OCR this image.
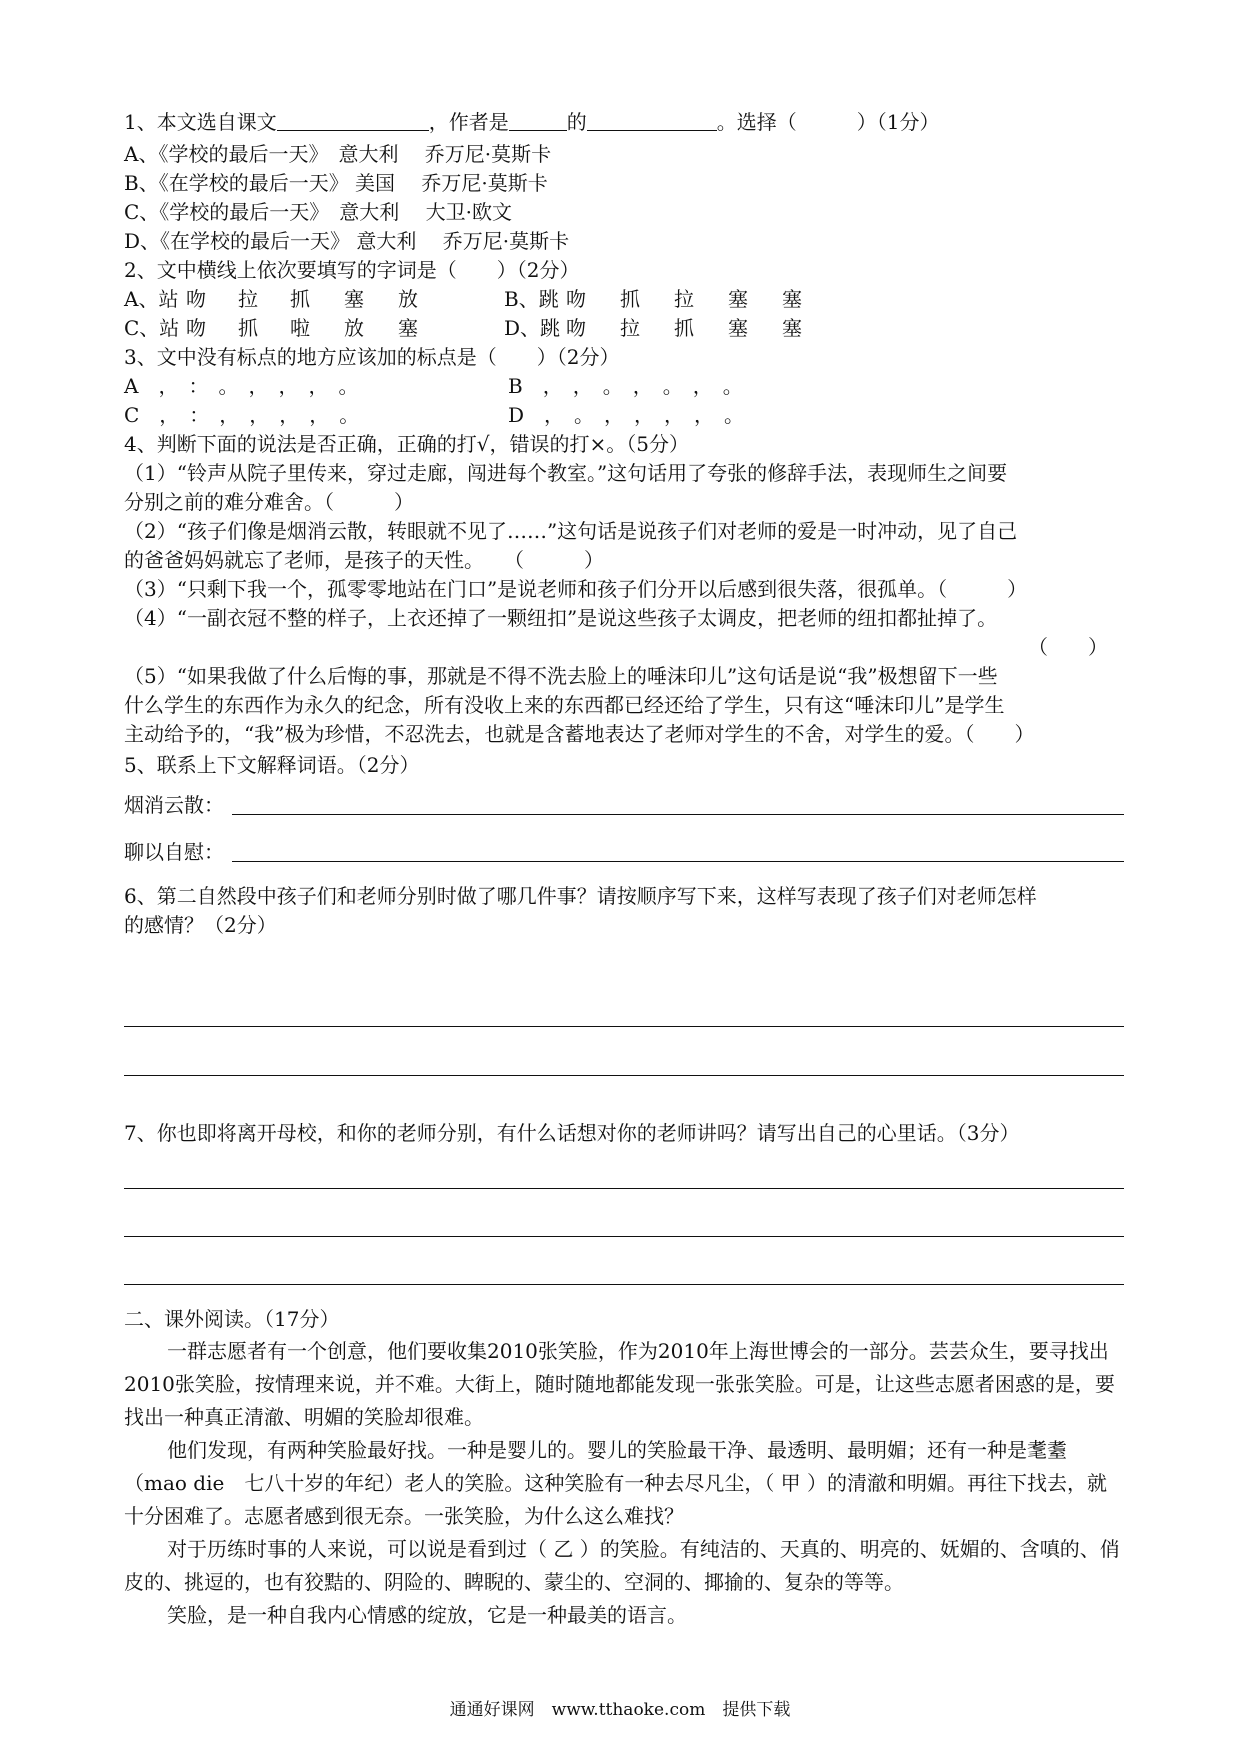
1、本文选自课文	，作者是	的	。选择（　　　）（1分）
A、《学校的最后一天》　意大利　 乔万尼·莫斯卡
B、《在学校的最后一天》 美国　 乔万尼·莫斯卡
C、《学校的最后一天》　意大利　 大卫·欧文
D、《在学校的最后一天》 意大利　 乔万尼·莫斯卡
2、文中横线上依次要填写的字词是（　　）（2分）
A、站 吻 拉 抓 塞 放	B、跳 吻 抓 拉 塞 塞
C、站 吻 抓 啦 放 塞	D、跳 吻 拉 抓 塞 塞
3、文中没有标点的地方应该加的标点是（　　）（2分）
A　，　：　。　，　，　，　。	B　，　，　。　，　。　，　。
C　，　：　，　，　，　，　。	D　，　。　，　，　，　，　。
4、判断下面的说法是否正确，正确的打√，错误的打×。（5分）
（1）“铃声从院子里传来，穿过走廊，闯进每个教室。”这句话用了夸张的修辞手法，表现师生之间要
分别之前的难分难舍。（　　　）
（2）“孩子们像是烟消云散，转眼就不见了……”这句话是说孩子们对老师的爱是一时冲动，见了自己
的爸爸妈妈就忘了老师，是孩子的天性。　　（　　　）
（3）“只剩下我一个，孤零零地站在门口”是说老师和孩子们分开以后感到很失落，很孤单。（　　　）
（4）“一副衣冠不整的样子，上衣还掉了一颗纽扣”是说这些孩子太调皮，把老师的纽扣都扯掉了。
（　　）
（5）“如果我做了什么后悔的事，那就是不得不洗去脸上的唾沫印儿”这句话是说“我”极想留下一些
什么学生的东西作为永久的纪念，所有没收上来的东西都已经还给了学生，只有这“唾沫印儿”是学生
主动给予的，“我”极为珍惜，不忍洗去，也就是含蓄地表达了老师对学生的不舍，对学生的爱。（　　）
5、联系上下文解释词语。（2分）
烟消云散：
聊以自慰：
6、第二自然段中孩子们和老师分别时做了哪几件事？请按顺序写下来，这样写表现了孩子们对老师怎样
的感情？（2分）
7、你也即将离开母校，和你的老师分别，有什么话想对你的老师讲吗？请写出自己的心里话。（3分）
二、课外阅读。（17分）
一群志愿者有一个创意，他们要收集2010张笑脸，作为2010年上海世博会的一部分。芸芸众生，要寻找出2010张笑脸，按情理来说，并不难。大街上，随时随地都能发现一张张笑脸。可是，让这些志愿者困惑的是，要找出一种真正清澈、明媚的笑脸却很难。
他们发现，有两种笑脸最好找。一种是婴儿的。婴儿的笑脸最干净、最透明、最明媚；还有一种是耄耋（mao die　七八十岁的年纪）老人的笑脸。这种笑脸有一种去尽凡尘，（ 甲 ）的清澈和明媚。再往下找去，就十分困难了。志愿者感到很无奈。一张笑脸，为什么这么难找？
对于历练时事的人来说，可以说是看到过（ 乙 ）的笑脸。有纯洁的、天真的、明亮的、妩媚的、含嗔的、俏皮的、挑逗的，也有狡黠的、阴险的、睥睨的、蒙尘的、空洞的、揶揄的、复杂的等等。
笑脸，是一种自我内心情感的绽放，它是一种最美的语言。
通通好课网　www.tthaoke.com　提供下载
